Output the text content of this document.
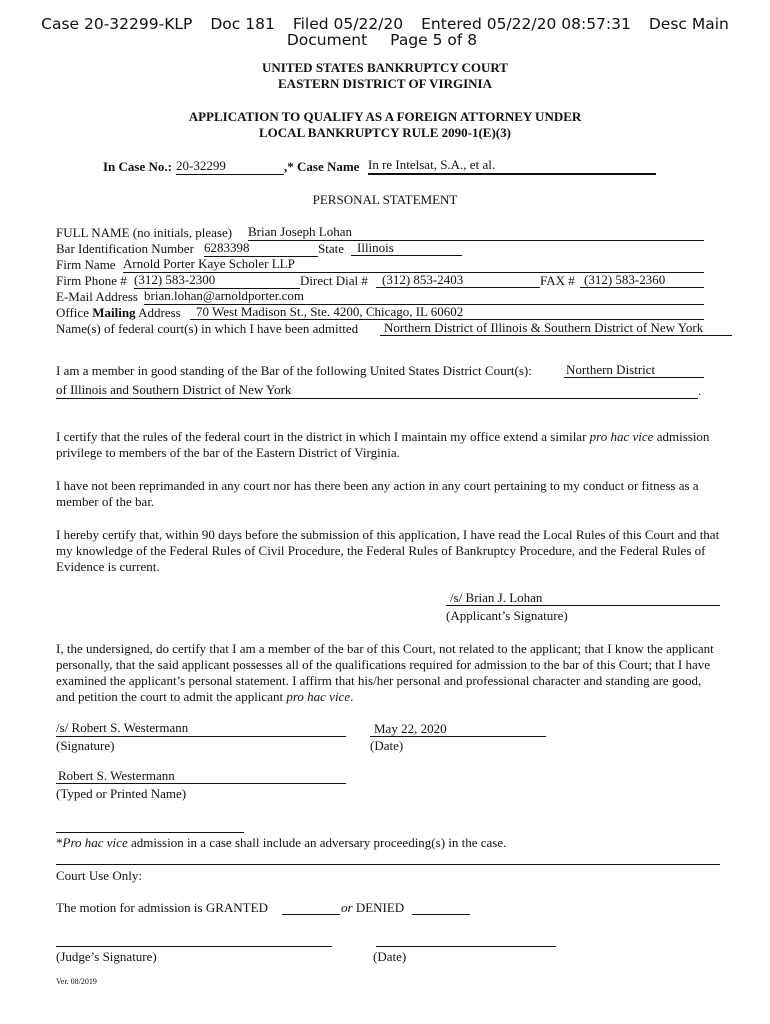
Case 20-32299-KLP Doc 181 Filed 05/22/20 Entered 05/22/20 08:57:31 Desc Main
Document Page 5 of 8
UNITED STATES BANKRUPTCY COURT
EASTERN DISTRICT OF VIRGINIA
APPLICATION TO QUALIFY AS A FOREIGN ATTORNEY UNDER
LOCAL BANKRUPTCY RULE 2090-1(E)(3)
In Case No.: 20-32299	,* Case Name In re Intelsat, S.A., et al.
PERSONAL STATEMENT
FULL NAME (no initials, please) Brian Joseph Lohan
Bar Identification Number 6283398	State	Illinois
Firm Name Arnold Porter Kaye Scholer LLP
Firm Phone # (312) 583-2300	Direct Dial #	(312) 853-2403	FAX # (312) 583-2360
E-Mail Address brian.lohan@arnoldporter.com
Office Mailing Address	70 West Madison St., Ste. 4200, Chicago, IL 60602
Name(s) of federal court(s) in which I have been admitted	Northern District of Illinois & Southern District of New York
I am a member in good standing of the Bar of the following United States District Court(s):	Northern District
of Illinois and Southern District of New York	.
I certify that the rules of the federal court in the district in which I maintain my office extend a similar pro hac vice admission privilege to members of the bar of the Eastern District of Virginia.
I have not been reprimanded in any court nor has there been any action in any court pertaining to my conduct or fitness as a member of the bar.
I hereby certify that, within 90 days before the submission of this application, I have read the Local Rules of this Court and that my knowledge of the Federal Rules of Civil Procedure, the Federal Rules of Bankruptcy Procedure, and the Federal Rules of Evidence is current.
/s/ Brian J. Lohan
(Applicant’s Signature)
I, the undersigned, do certify that I am a member of the bar of this Court, not related to the applicant; that I know the applicant personally, that the said applicant possesses all of the qualifications required for admission to the bar of this Court; that I have examined the applicant’s personal statement. I affirm that his/her personal and professional character and standing are good, and petition the court to admit the applicant pro hac vice.
/s/ Robert S. Westermann
(Signature)
May 22, 2020
(Date)
Robert S. Westermann
(Typed or Printed Name)
*Pro hac vice admission in a case shall include an adversary proceeding(s) in the case.
Court Use Only:
The motion for admission is GRANTED	or DENIED
(Judge’s Signature)	(Date)
Ver. 08/2019
